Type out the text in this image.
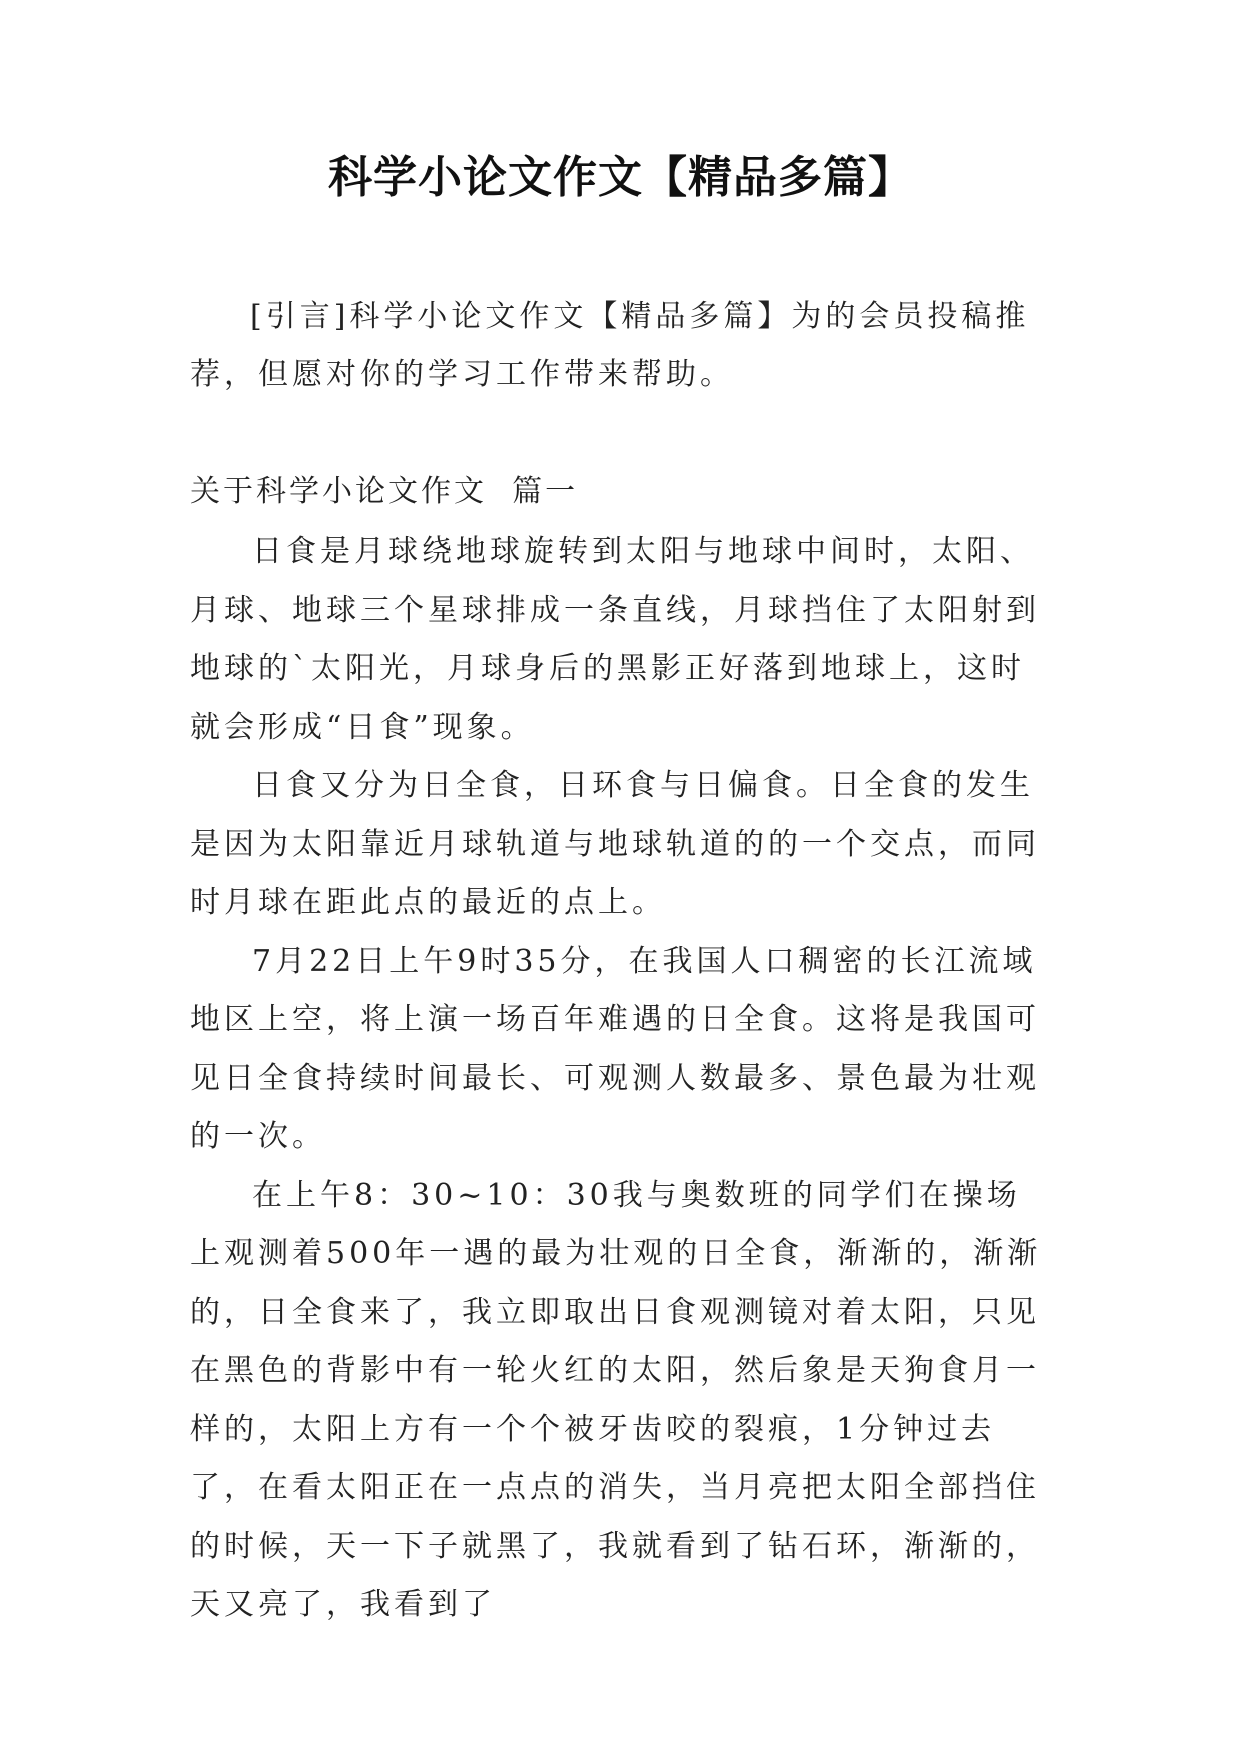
科学小论文作文【精品多篇】
[引言]科学小论文作文【精品多篇】为的会员投稿推荐，但愿对你的学习工作带来帮助。
关于科学小论文作文  篇一

日食是月球绕地球旋转到太阳与地球中间时，太阳、月球、地球三个星球排成一条直线，月球挡住了太阳射到地球的`太阳光，月球身后的黑影正好落到地球上，这时就会形成“日食”现象。

日食又分为日全食，日环食与日偏食。日全食的发生是因为太阳靠近月球轨道与地球轨道的的一个交点，而同时月球在距此点的最近的点上。

7月22日上午9时35分，在我国人口稠密的长江流域地区上空，将上演一场百年难遇的日全食。这将是我国可见日全食持续时间最长、可观测人数最多、景色最为壮观的一次。

在上午8：30~10：30我与奥数班的同学们在操场上观测着500年一遇的最为壮观的日全食，渐渐的，渐渐的，日全食来了，我立即取出日食观测镜对着太阳，只见在黑色的背影中有一轮火红的太阳，然后象是天狗食月一样的，太阳上方有一个个被牙齿咬的裂痕，1分钟过去了，在看太阳正在一点点的消失，当月亮把太阳全部挡住的时候，天一下子就黑了，我就看到了钻石环，渐渐的，天又亮了，我看到了
